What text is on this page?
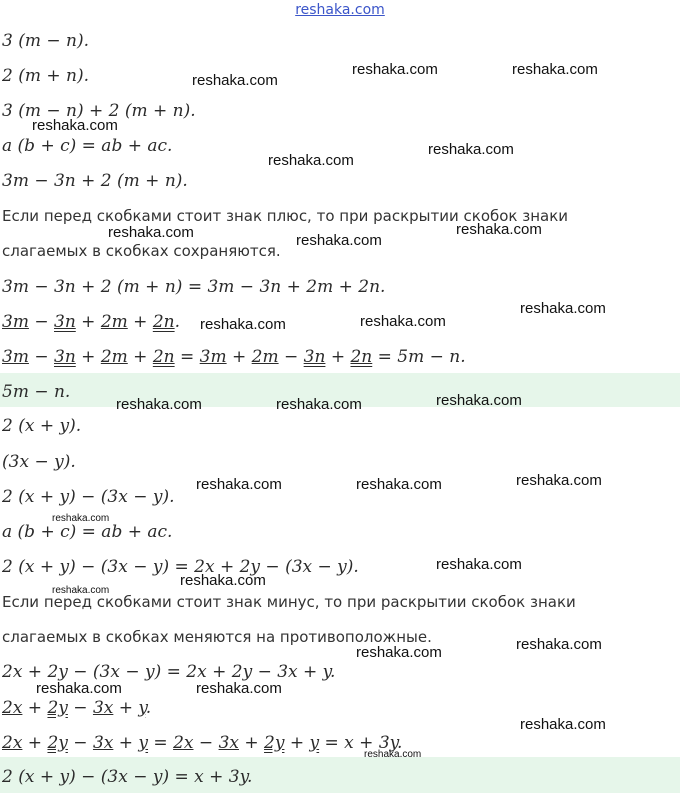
reshaka.com
3 (m − n).
2 (m + n).
3 (m − n) + 2 (m + n).
a (b + c) = ab + ac.
3m − 3n + 2 (m + n).
Если перед скобками стоит знак плюс, то при раскрытии скобок знаки
слагаемых в скобках сохраняются.
3m − 3n + 2 (m + n) = 3m − 3n + 2m + 2n.
3m − 3n + 2m + 2n.
3m − 3n + 2m + 2n = 3m + 2m − 3n + 2n = 5m − n.
5m − n.
2 (x + y).
(3x − y).
2 (x + y) − (3x − y).
a (b + c) = ab + ac.
2 (x + y) − (3x − y) = 2x + 2y − (3x − y).
Если перед скобками стоит знак минус, то при раскрытии скобок знаки
слагаемых в скобках меняются на противоположные.
2x + 2y − (3x − y) = 2x + 2y − 3x + y.
2x + 2y − 3x + y.
2x + 2y − 3x + y = 2x − 3x + 2y + y = x + 3y.
2 (x + y) − (3x − y) = x + 3y.
reshaka.com
reshaka.com	reshaka.com
reshaka.com
reshaka.com
reshaka.com
reshaka.com	reshaka.com
reshaka.com
reshaka.com	reshaka.com
reshaka.com
reshaka.com	reshaka.com	reshaka.com
reshaka.com	reshaka.com	reshaka.com
reshaka.com
reshaka.com
reshaka.com
reshaka.com
reshaka.com	reshaka.com
reshaka.com	reshaka.com
reshaka.com
reshaka.com
